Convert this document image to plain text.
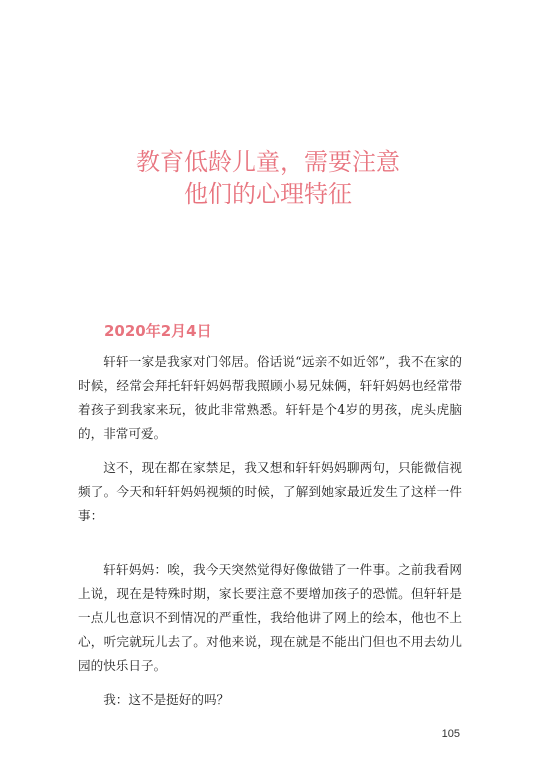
教育低龄儿童，需要注意
他们的心理特征
2020年2月4日

轩轩一家是我家对门邻居。俗话说“远亲不如近邻”，我不在家的时候，经常会拜托轩轩妈妈帮我照顾小易兄妹俩，轩轩妈妈也经常带着孩子到我家来玩，彼此非常熟悉。轩轩是个4岁的男孩，虎头虎脑的，非常可爱。

这不，现在都在家禁足，我又想和轩轩妈妈聊两句，只能微信视频了。今天和轩轩妈妈视频的时候，了解到她家最近发生了这样一件事：

轩轩妈妈：唉，我今天突然觉得好像做错了一件事。之前我看网上说，现在是特殊时期，家长要注意不要增加孩子的恐慌。但轩轩是一点儿也意识不到情况的严重性，我给他讲了网上的绘本，他也不上心，听完就玩儿去了。对他来说，现在就是不能出门但也不用去幼儿园的快乐日子。

我：这不是挺好的吗？

105
